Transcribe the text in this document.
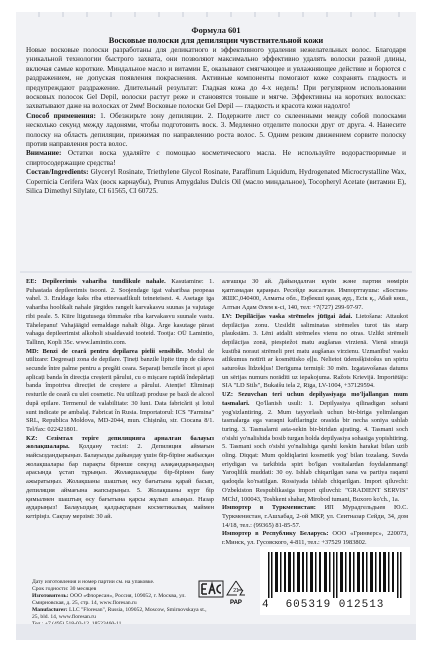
Формула 601

Восковые полоски для депиляции чувствительной кожи

Новые восковые полоски разработаны для деликатного и эффективного удаления нежелательных волос. Благодаря уникальной технологии быстрого захвата, они позволяют максимально эффективно удалять волоски разной длины, включая самые короткие. Миндальное масло и витамин Е, оказывают смягчающее и увлажняющее действие и борются с раздражением, не допуская появления покраснения. Активные компоненты помогают коже сохранять гладкость и предупреждают раздражение. Длительный результат: Гладкая кожа до 4-х недель! При регулярном использовании восковых полосок Gel Depil, волоски растут реже и становятся тоньше и мягче. Эффективны на коротких волосках: захватывают даже на волосках от 2мм! Восковые полоски Gel Depil — гладкость и красота кожи надолго!

Способ применения: 1. Обезжирьте зону депиляции. 2. Подержите лист со склеенными между собой полосками несколько секунд между ладонями, чтобы подготовить воск. 3. Медленно отделите полоски друг от друга. 4. Нанесите полоску на область депиляции, прижимая по направлению роста волос. 5. Одним резким движением сорвите полоску против направления роста волос.

Внимание: Остатки воска удаляйте с помощью косметического масла. Не используйте водорастворимые и спиртосодержащие средства!

Состав/Ingredients: Glyceryl Rosinate, Triethylene Glycol Rosinate, Paraffinum Liquidum, Hydrogenated Microcrystalline Wax, Copernicia Cerifera Wax (воск карнаубы), Prunus Amygdalus Dulcis Oil (масло миндальное), Tocopheryl Acetate (витамин Е), Silica Dimethyl Silylate, CI 61565, CI 60725.

EE: Depileerimis vahariba tundlikule nahale. Kasutamine: 1. Puhastada depileerimis tsooni. 2. Soojendage igat vaharibaa peopeaa vahel. 3. Eraldage kaks riba etteevaatlikult teineteisest. 4. Asetage iga vahariba hoolikalt nahale järgides rangelt karvakasvu suunas ja vajutage ribi peale. 5. Kiire liigutusega tõmmake riba karvakasvu suunale vastu. Tähelepanu! Vahajäägid eemaldage nahalt õliga. Ärge kasutage pärast vahaga depileerimist alkoholi sisaldavaid tooteid. Tootja: OÜ Lamintio, Tallinn, Kopli 35c. www.lamintio.com.

MD: Benzi de ceară pentru depilarea pielii sensibile. Modul de utilizare: Degresați zona de depilare. Țineți banzile lipite timp de câteva secunde între palme pentru a pregăti ceara. Separați benzile încet și apoi aplicați banda în direcția creșterii părului, cu o mișcare rapidă îndepărtați banda împotriva direcției de creștere a părului. Atenție! Eliminați resturile de ceară cu ulei cosmetic. Nu utilizați produse pe bază de alcool după epilare. Termenul de valabilitate: 30 luni. Data fabricării și lotul sunt indicate pe ambalaj. Fabricat în Rusia. Importatorul: ICS "Farmina" SRL, Republica Moldova, MD-2044, mun. Chișinău, str. Ciocana 8/1. Tel/fax: 022421801.

KZ: Сезімтал теріге депиляцияға арналған балауыз жолақшалары. Қолдану тәсілі: 2. Депиляция аймағын майсыздандырыңыз. Балауызды дайындау үшін бір-біріне жабысқан жолақшалары бар парақты бірнеше секунд алақандарыңыздың арасында ұстап тұрыңыз. Жолақшаларды бір-бірінен баяу ажыратыңыз. Жолақшаны шаштың өсу бағытына қарай басып, депиляция аймағына жапсырыңыз. 5. Жолақшаны күрт бір қимылмен шаштың өсу бағытына қарсы жұлып алыңыз. Назар аударыңыз! Балауыздың қалдықтарын косметикалық маймен кетіріңіз. Сақтау мерзімі: 30 ай.

алғашқы 30 ай. Дайындалған күнін және партия нөмірін қаптамадан қараңыз. Ресейде жасалған. Импорттаушы: «Бостан» ЖШС,040400, Алматы обл., Еңбекші қазақ ауд., Есік қ., Абай көш., Алтын Адам Әлем к-сі, 140, тел: +7(727) 299-97-97.

LV: Depilācijas vaska strēmeles jūtīgai ādai. Lietošana: Attaukot depilācijas zonu. Uzsildīt saliminatas strēmeles turot tās starp plaukstām. 3. Lēni atdalīt strēmeles vienu no otras. Uzlikt strēmeli depilācijas zonā, piespiežot matu augšanas virzienā. Vienā straujā kustībā noraut strēmeli pret matu augšanas virzienu. Uzmanību! vasku atlikumus notīrīt ar kosmētisko eļļu. Nelietot ūdensšķīstošus un spirtu saturošus līdzekļus! Derīguma termiņš: 30 mēn. Izgatavošanas datums un sērijas numurs norādīti uz iepakojuma. Ražots Krievijā. Importētājs: SIA "LD Stils", Bukaišu iela 2, Rīga, LV-1004, +37129594.

UZ: Sezuvchan teri uchun depilyasiyaga mo'ljallangan mum tasmalari. Qo'llanish usuli: 1. Depilyasiya qilinadigan sohani yog'sizlantiring. 2. Mum tayyorlash uchun bir-biriga yelimlangan tasmalarga ega varaqni kaftlaringiz orasida bir necha soniya ushlab turing. 3. Tasmalarni asta-sekin bir-biridan ajrating. 4. Tasmani soch o'sishi yo'nalishida bosib turgan holda depilyasiya sohasiga yopishtiring. 5. Tasmani soch o'sishi yo'nalishiga qarshi keskin harakat bilan uzib oling. Diqqat: Mum qoldiqlarini kosmetik yog' bilan tozalang. Suvda eriydigan va tarkibida spirt bo'lgan vositalardan foydalanmang! Yaroqlilik muddati: 30 oy. Ishlab chiqarilgan sana va partiya raqami qadoqda ko'rsatilgan. Rossiyada ishlab chiqarilgan. Import qiluvchi: O'zbekiston Respublikasiga import qiluvchi: "GRADIENT SERVIS" MChJ, 100043, Toshkent shahar, Mirobod tumani, Buxoro ko'ch., 1a.

Импортер в Туркменистан: ИП Мурадгельдыев Ю.С. Туркменистан, г.Ашхабад, 2-ой МКР, ул. Сеитназар Сейди, 34, дом 14/18, тел.: (99365) 81-85-57.

Импортер в Республику Беларусь: ООО «Гринверс», 220073, г.Минск, ул. Гусовского, 4-811, тел.: +37529 1983802.

Дату изготовления и номер партии см. на упаковке.

Срок годности: 30 месяцев

Изготовитель: ООО «Флоресан», Россия, 109052, г. Москва, ул. Смирновская, д. 25, стр. 14, www.floresan.ru

Manufacturer: LLC "Floresan", Russia, 109052, Moscow, Smirnovskaya st., 25, bld. 14, www.floresan.ru

21
PAP 4	605319 012513
